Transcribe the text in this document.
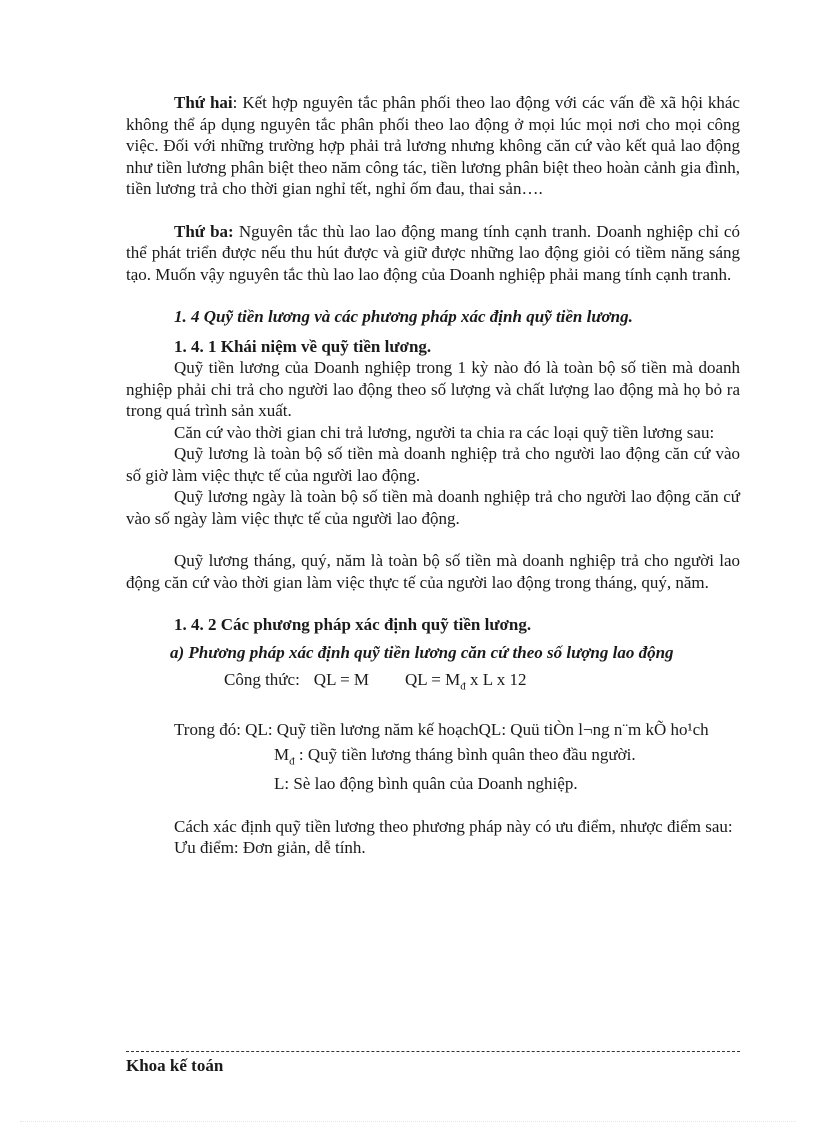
Thứ hai: Kết hợp nguyên tắc phân phối theo lao động với các vấn đề xã hội khác không thể áp dụng nguyên tắc phân phối theo lao động ở mọi lúc mọi nơi cho mọi công việc. Đối với những trường hợp phải trả lương nhưng không căn cứ vào kết quả lao động như tiền lương phân biệt theo năm công tác, tiền lương phân biệt theo hoàn cảnh gia đình, tiền lương trả cho thời gian nghỉ tết, nghỉ ốm đau, thai sản….

Thứ ba: Nguyên tắc thù lao lao động mang tính cạnh tranh. Doanh nghiệp chỉ có thể phát triển được nếu thu hút được và giữ được những lao động giỏi có tiềm năng sáng tạo. Muốn vậy nguyên tắc thù lao lao động của Doanh nghiệp phải mang tính cạnh tranh.

1. 4 Quỹ tiền lương và các phương pháp xác định quỹ tiền lương.

1. 4. 1 Khái niệm về quỹ tiền lương.

Quỹ tiền lương của Doanh nghiệp trong 1 kỳ nào đó là toàn bộ số tiền mà doanh nghiệp phải chi trả cho người lao động theo số lượng và chất lượng lao động mà họ bỏ ra trong quá trình sản xuất.

Căn cứ vào thời gian chi trả lương, người ta chia ra các loại quỹ tiền lương sau:

Quỹ lương là toàn bộ số tiền mà doanh nghiệp trả cho người lao động căn cứ vào số giờ làm việc thực tế của người lao động.

Quỹ lương ngày là toàn bộ số tiền mà doanh nghiệp trả cho người lao động căn cứ vào số ngày làm việc thực tế của người lao động.

Quỹ lương tháng, quý, năm là toàn bộ số tiền mà doanh nghiệp trả cho người lao động căn cứ vào thời gian làm việc thực tế của người lao động trong tháng, quý, năm.

1. 4. 2 Các phương pháp xác định quỹ tiền lương.

a) Phương pháp xác định quỹ tiền lương căn cứ theo số lượng lao động

Công thức: QL = M QL = $M_đ$ x L x 12

Trong đó: QL: Quỹ tiền lương năm kế hoạchQL: Quü tiÒn l¬ng n¨m kÕ ho¹ch

$M_đ$ : Quỹ tiền lương tháng bình quân theo đầu người.

L: Sè lao động bình quân của Doanh nghiệp.

Cách xác định quỹ tiền lương theo phương pháp này có ưu điểm, nhược điểm sau:

Ưu điểm: Đơn giản, dễ tính.

Khoa kế toán
